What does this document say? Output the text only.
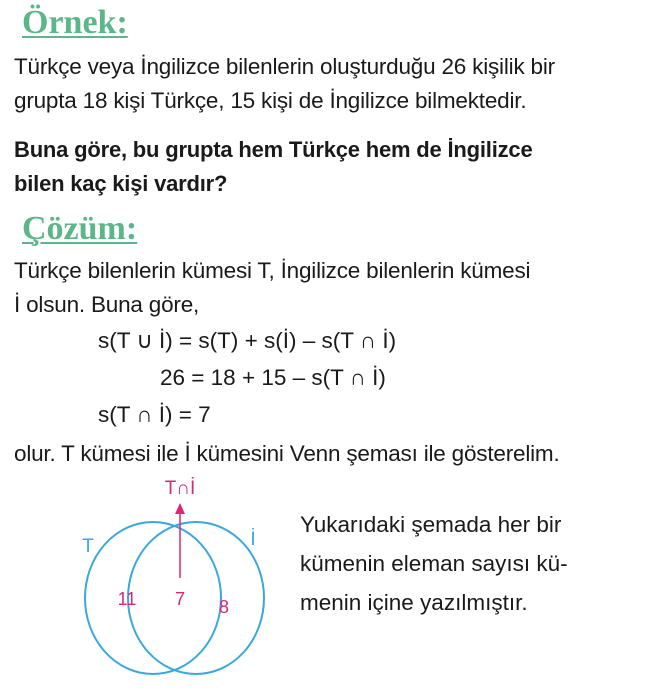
Örnek:

Türkçe veya İngilizce bilenlerin oluşturduğu 26 kişilik bir
grupta 18 kişi Türkçe, 15 kişi de İngilizce bilmektedir.

Buna göre, bu grupta hem Türkçe hem de İngilizce
bilen kaç kişi vardır?

Çözüm:

Türkçe bilenlerin kümesi T, İngilizce bilenlerin kümesi
İ olsun. Buna göre,

s(T ∪ İ) = s(T) + s(İ) – s(T ∩ İ)

26 = 18 + 15 – s(T ∩ İ)

s(T ∩ İ) = 7

olur. T kümesi ile İ kümesini Venn şeması ile gösterelim.

T∩İ
T	İ
11 7 8

Yukarıdaki şemada her bir
kümenin eleman sayısı kü-
menin içine yazılmıştır.
